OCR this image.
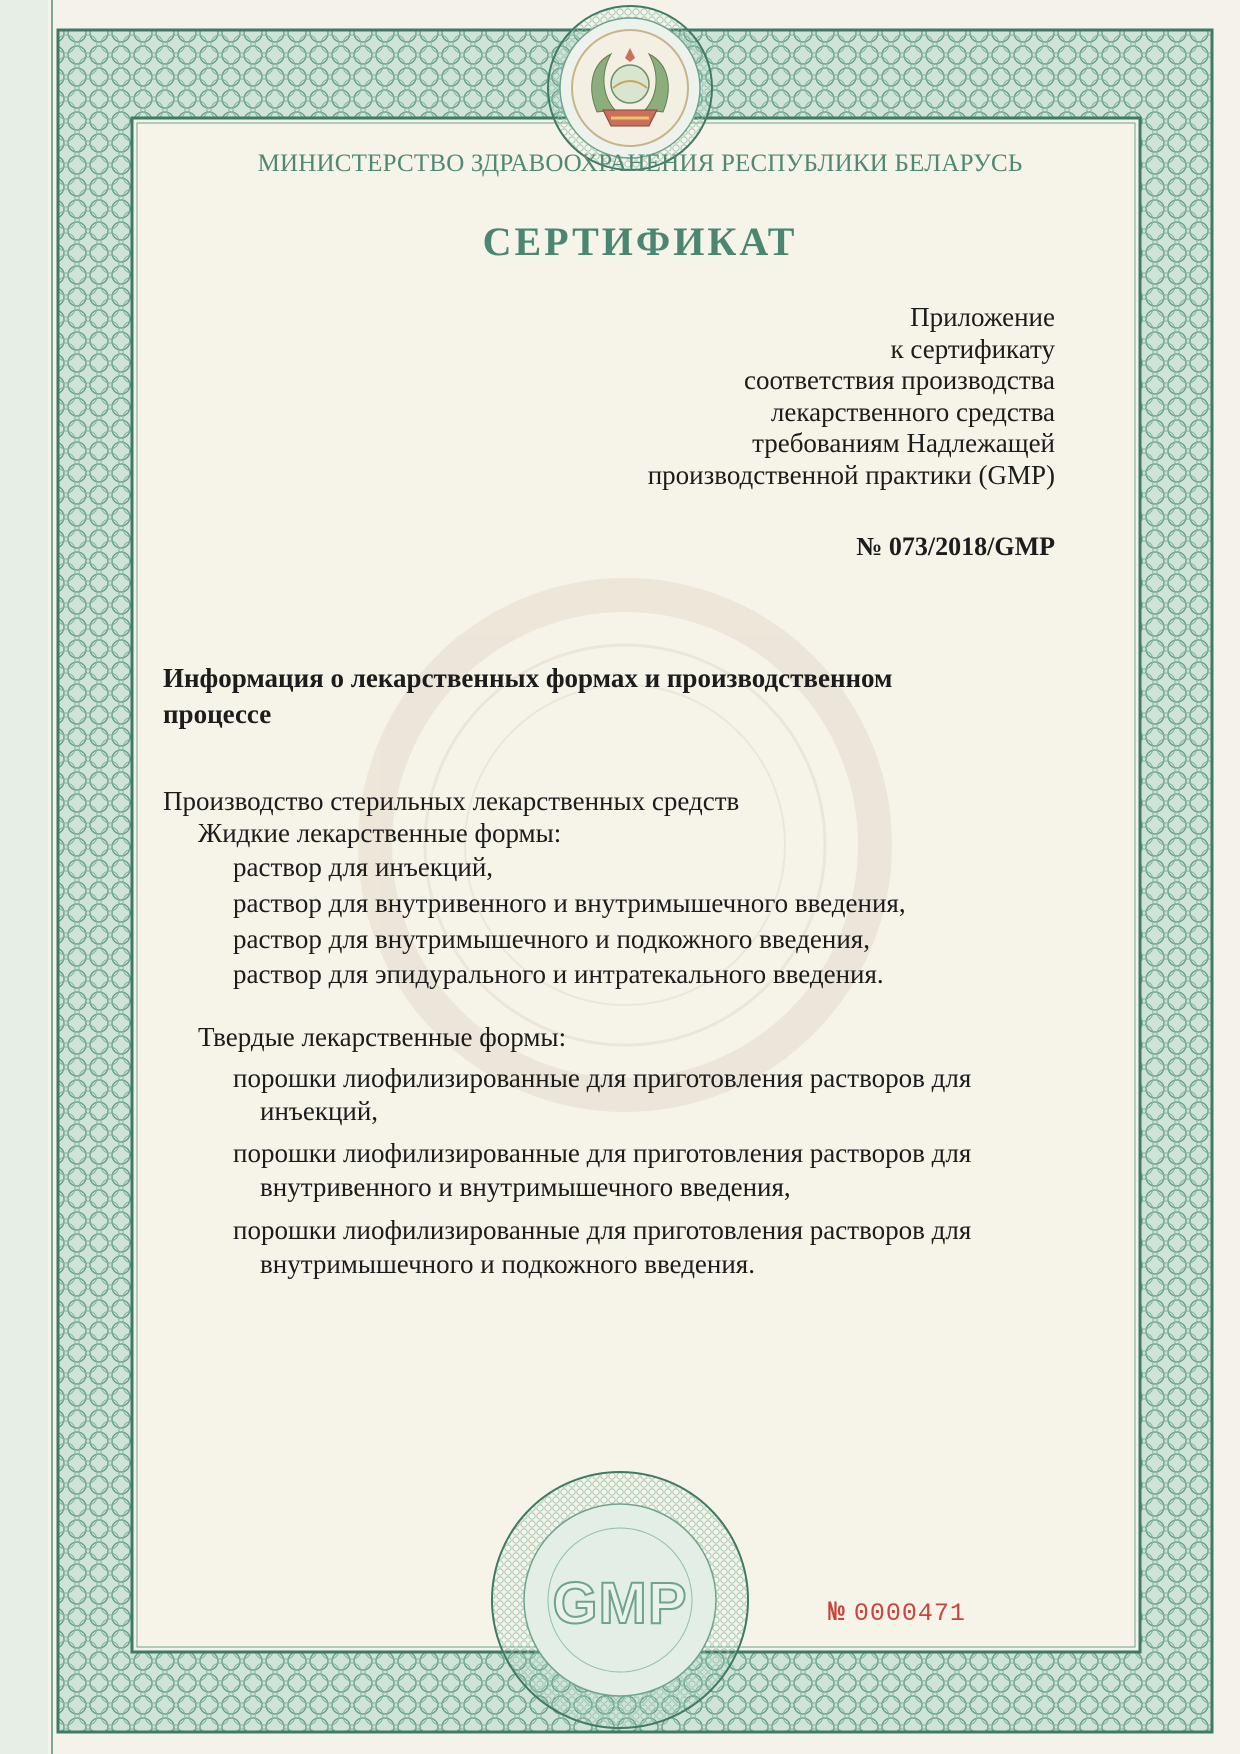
МИНИСТЕРСТВО ЗДРАВООХРАНЕНИЯ РЕСПУБЛИКИ БЕЛАРУСЬ
СЕРТИФИКАТ
Приложение
к сертификату
соответствия производства
лекарственного средства
требованиям Надлежащей
производственной практики (GMP)
№ 073/2018/GMP
Информация о лекарственных формах и производственном процессе
Производство стерильных лекарственных средств
Жидкие лекарственные формы:
раствор для инъекций,
раствор для внутривенного и внутримышечного введения,
раствор для внутримышечного и подкожного введения,
раствор для эпидурального и интратекального введения.
Твердые лекарственные формы:
порошки лиофилизированные для приготовления растворов для
инъекций,
порошки лиофилизированные для приготовления растворов для
внутривенного и внутримышечного введения,
порошки лиофилизированные для приготовления растворов для
внутримышечного и подкожного введения.
GMP	№ 0000471
